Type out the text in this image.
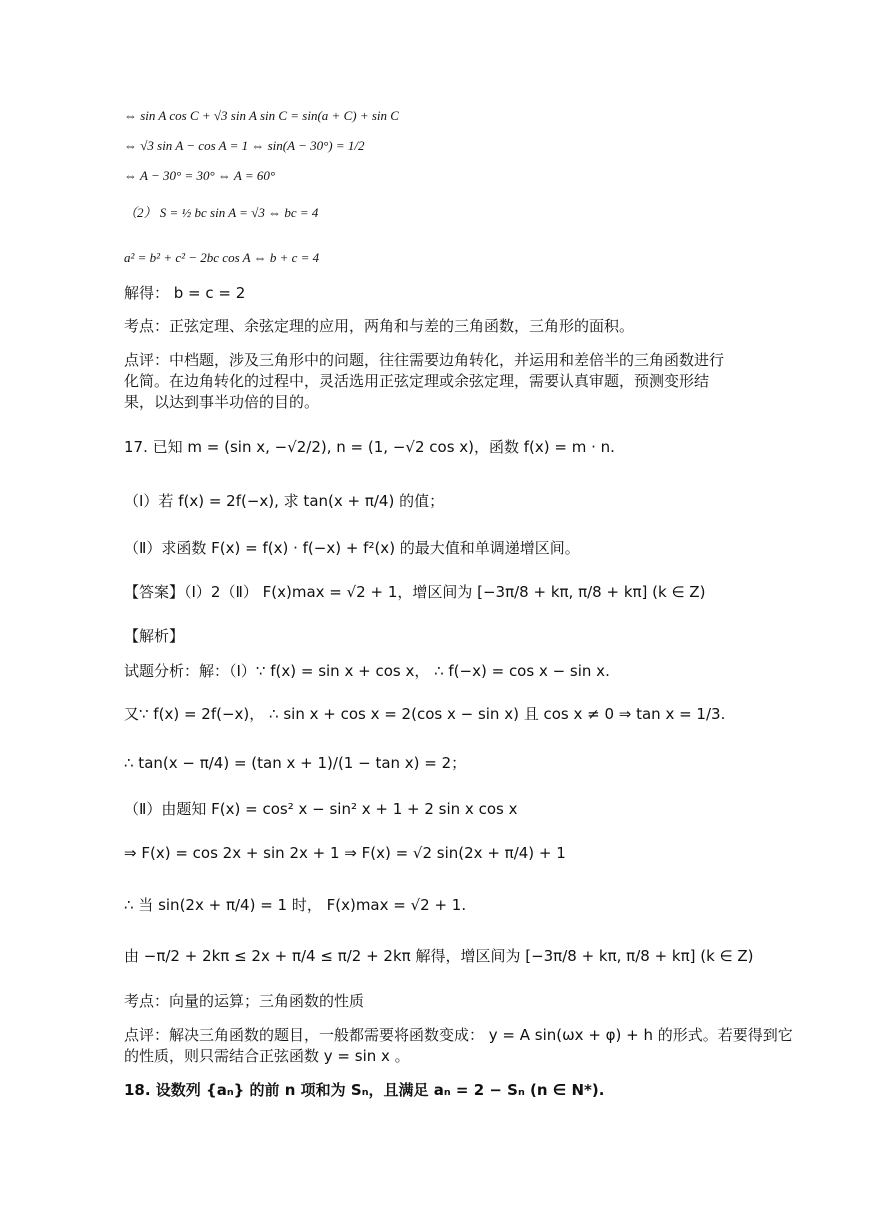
⇔ sin A cos C + √3 sin A sin C = sin(a + C) + sin C
⇔ √3 sin A − cos A = 1 ⇔ sin(A − 30°) = 1/2
⇔ A − 30° = 30° ⇔ A = 60°
（2） S = ½ bc sin A = √3 ⇔ bc = 4
a² = b² + c² − 2bc cos A ⇔ b + c = 4
解得： b = c = 2
考点：正弦定理、余弦定理的应用，两角和与差的三角函数，三角形的面积。
点评：中档题，涉及三角形中的问题，往往需要边角转化，并运用和差倍半的三角函数进行
化简。在边角转化的过程中，灵活选用正弦定理或余弦定理，需要认真审题，预测变形结
果，以达到事半功倍的目的。
17. 已知 m = (sin x, −√2/2), n = (1, −√2 cos x)，函数 f(x) = m · n.
（Ⅰ）若 f(x) = 2f(−x), 求 tan(x + π/4) 的值；
（Ⅱ）求函数 F(x) = f(x) · f(−x) + f²(x) 的最大值和单调递增区间。
【答案】（Ⅰ）2（Ⅱ） F(x)max = √2 + 1，增区间为 [−3π/8 + kπ, π/8 + kπ] (k ∈ Z)
【解析】
试题分析：解：（Ⅰ）∵ f(x) = sin x + cos x， ∴ f(−x) = cos x − sin x.
又∵ f(x) = 2f(−x)， ∴ sin x + cos x = 2(cos x − sin x) 且 cos x ≠ 0 ⇒ tan x = 1/3.
∴ tan(x − π/4) = (tan x + 1)/(1 − tan x) = 2；
（Ⅱ）由题知 F(x) = cos² x − sin² x + 1 + 2 sin x cos x
⇒ F(x) = cos 2x + sin 2x + 1 ⇒ F(x) = √2 sin(2x + π/4) + 1
∴ 当 sin(2x + π/4) = 1 时， F(x)max = √2 + 1.
由 −π/2 + 2kπ ≤ 2x + π/4 ≤ π/2 + 2kπ 解得，增区间为 [−3π/8 + kπ, π/8 + kπ] (k ∈ Z)
考点：向量的运算；三角函数的性质
点评：解决三角函数的题目，一般都需要将函数变成： y = A sin(ωx + φ) + h 的形式。若要得到它
的性质，则只需结合正弦函数 y = sin x 。
18. 设数列 {aₙ} 的前 n 项和为 Sₙ，且满足 aₙ = 2 − Sₙ (n ∈ N*).
